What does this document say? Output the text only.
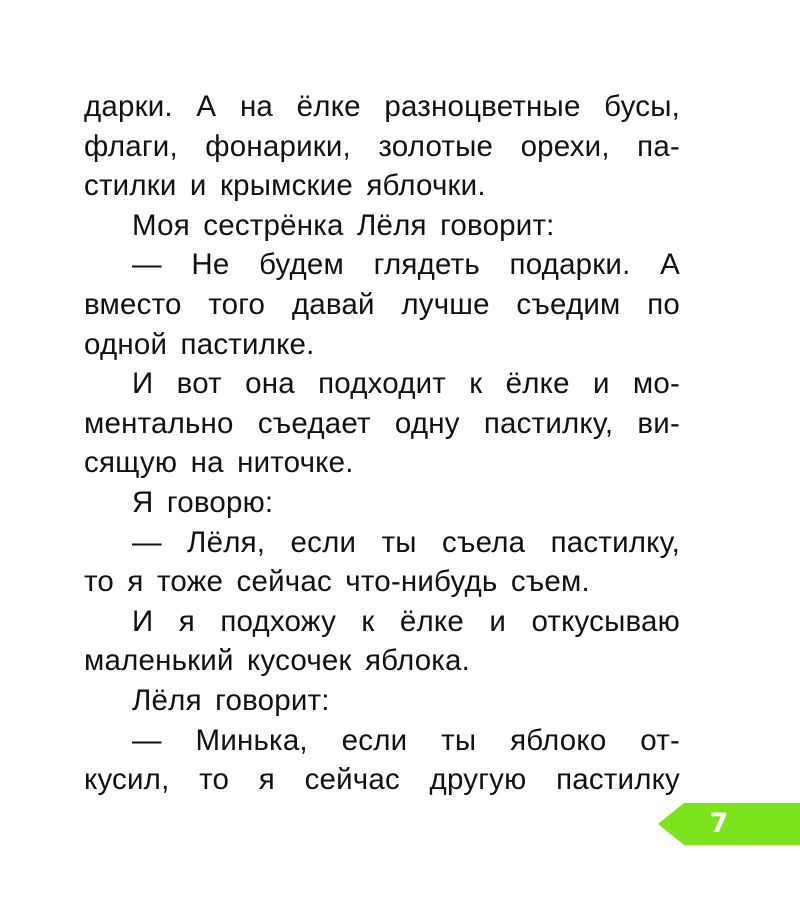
дарки. А на ёлке разноцветные бусы,
флаги, фонарики, золотые орехи, па-
стилки и крымские яблочки.
Моя сестрёнка Лёля говорит:
— Не будем глядеть подарки. А
вместо того давай лучше съедим по
одной пастилке.
И вот она подходит к ёлке и мо-
ментально съедает одну пастилку, ви-
сящую на ниточке.
Я говорю:
— Лёля, если ты съела пастилку,
то я тоже сейчас что-нибудь съем.
И я подхожу к ёлке и откусываю
маленький кусочек яблока.
Лёля говорит:
— Минька, если ты яблоко от-
кусил, то я сейчас другую пастилку
7
